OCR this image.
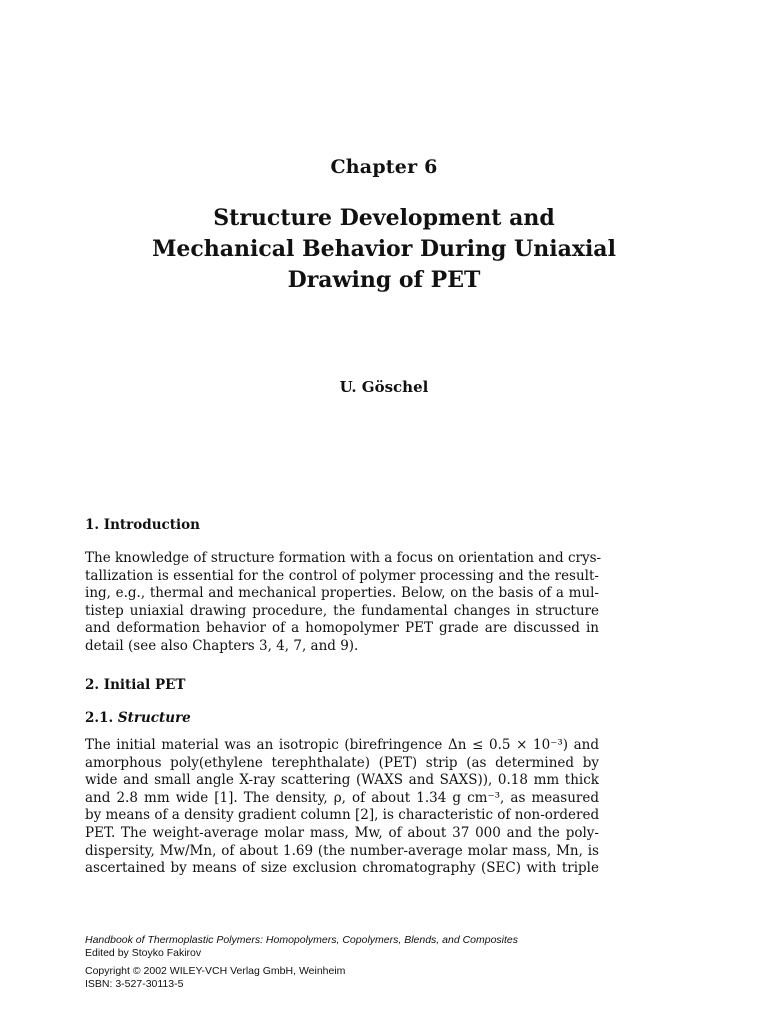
Chapter 6
Structure Development and
Mechanical Behavior During Uniaxial
Drawing of PET
U. Göschel
1. Introduction
The knowledge of structure formation with a focus on orientation and crys-
tallization is essential for the control of polymer processing and the result-
ing, e.g., thermal and mechanical properties. Below, on the basis of a mul-
tistep uniaxial drawing procedure, the fundamental changes in structure
and deformation behavior of a homopolymer PET grade are discussed in
detail (see also Chapters 3, 4, 7, and 9).
2. Initial PET
2.1. Structure
The initial material was an isotropic (birefringence Δn ≤ 0.5 × 10⁻³) and
amorphous poly(ethylene terephthalate) (PET) strip (as determined by
wide and small angle X-ray scattering (WAXS and SAXS)), 0.18 mm thick
and 2.8 mm wide [1]. The density, ρ, of about 1.34 g cm⁻³, as measured
by means of a density gradient column [2], is characteristic of non-ordered
PET. The weight-average molar mass, Mw, of about 37 000 and the poly-
dispersity, Mw/Mn, of about 1.69 (the number-average molar mass, Mn, is
ascertained by means of size exclusion chromatography (SEC) with triple
Handbook of Thermoplastic Polymers: Homopolymers, Copolymers, Blends, and Composites
Edited by Stoyko Fakirov
Copyright © 2002 WILEY-VCH Verlag GmbH, Weinheim
ISBN: 3-527-30113-5
